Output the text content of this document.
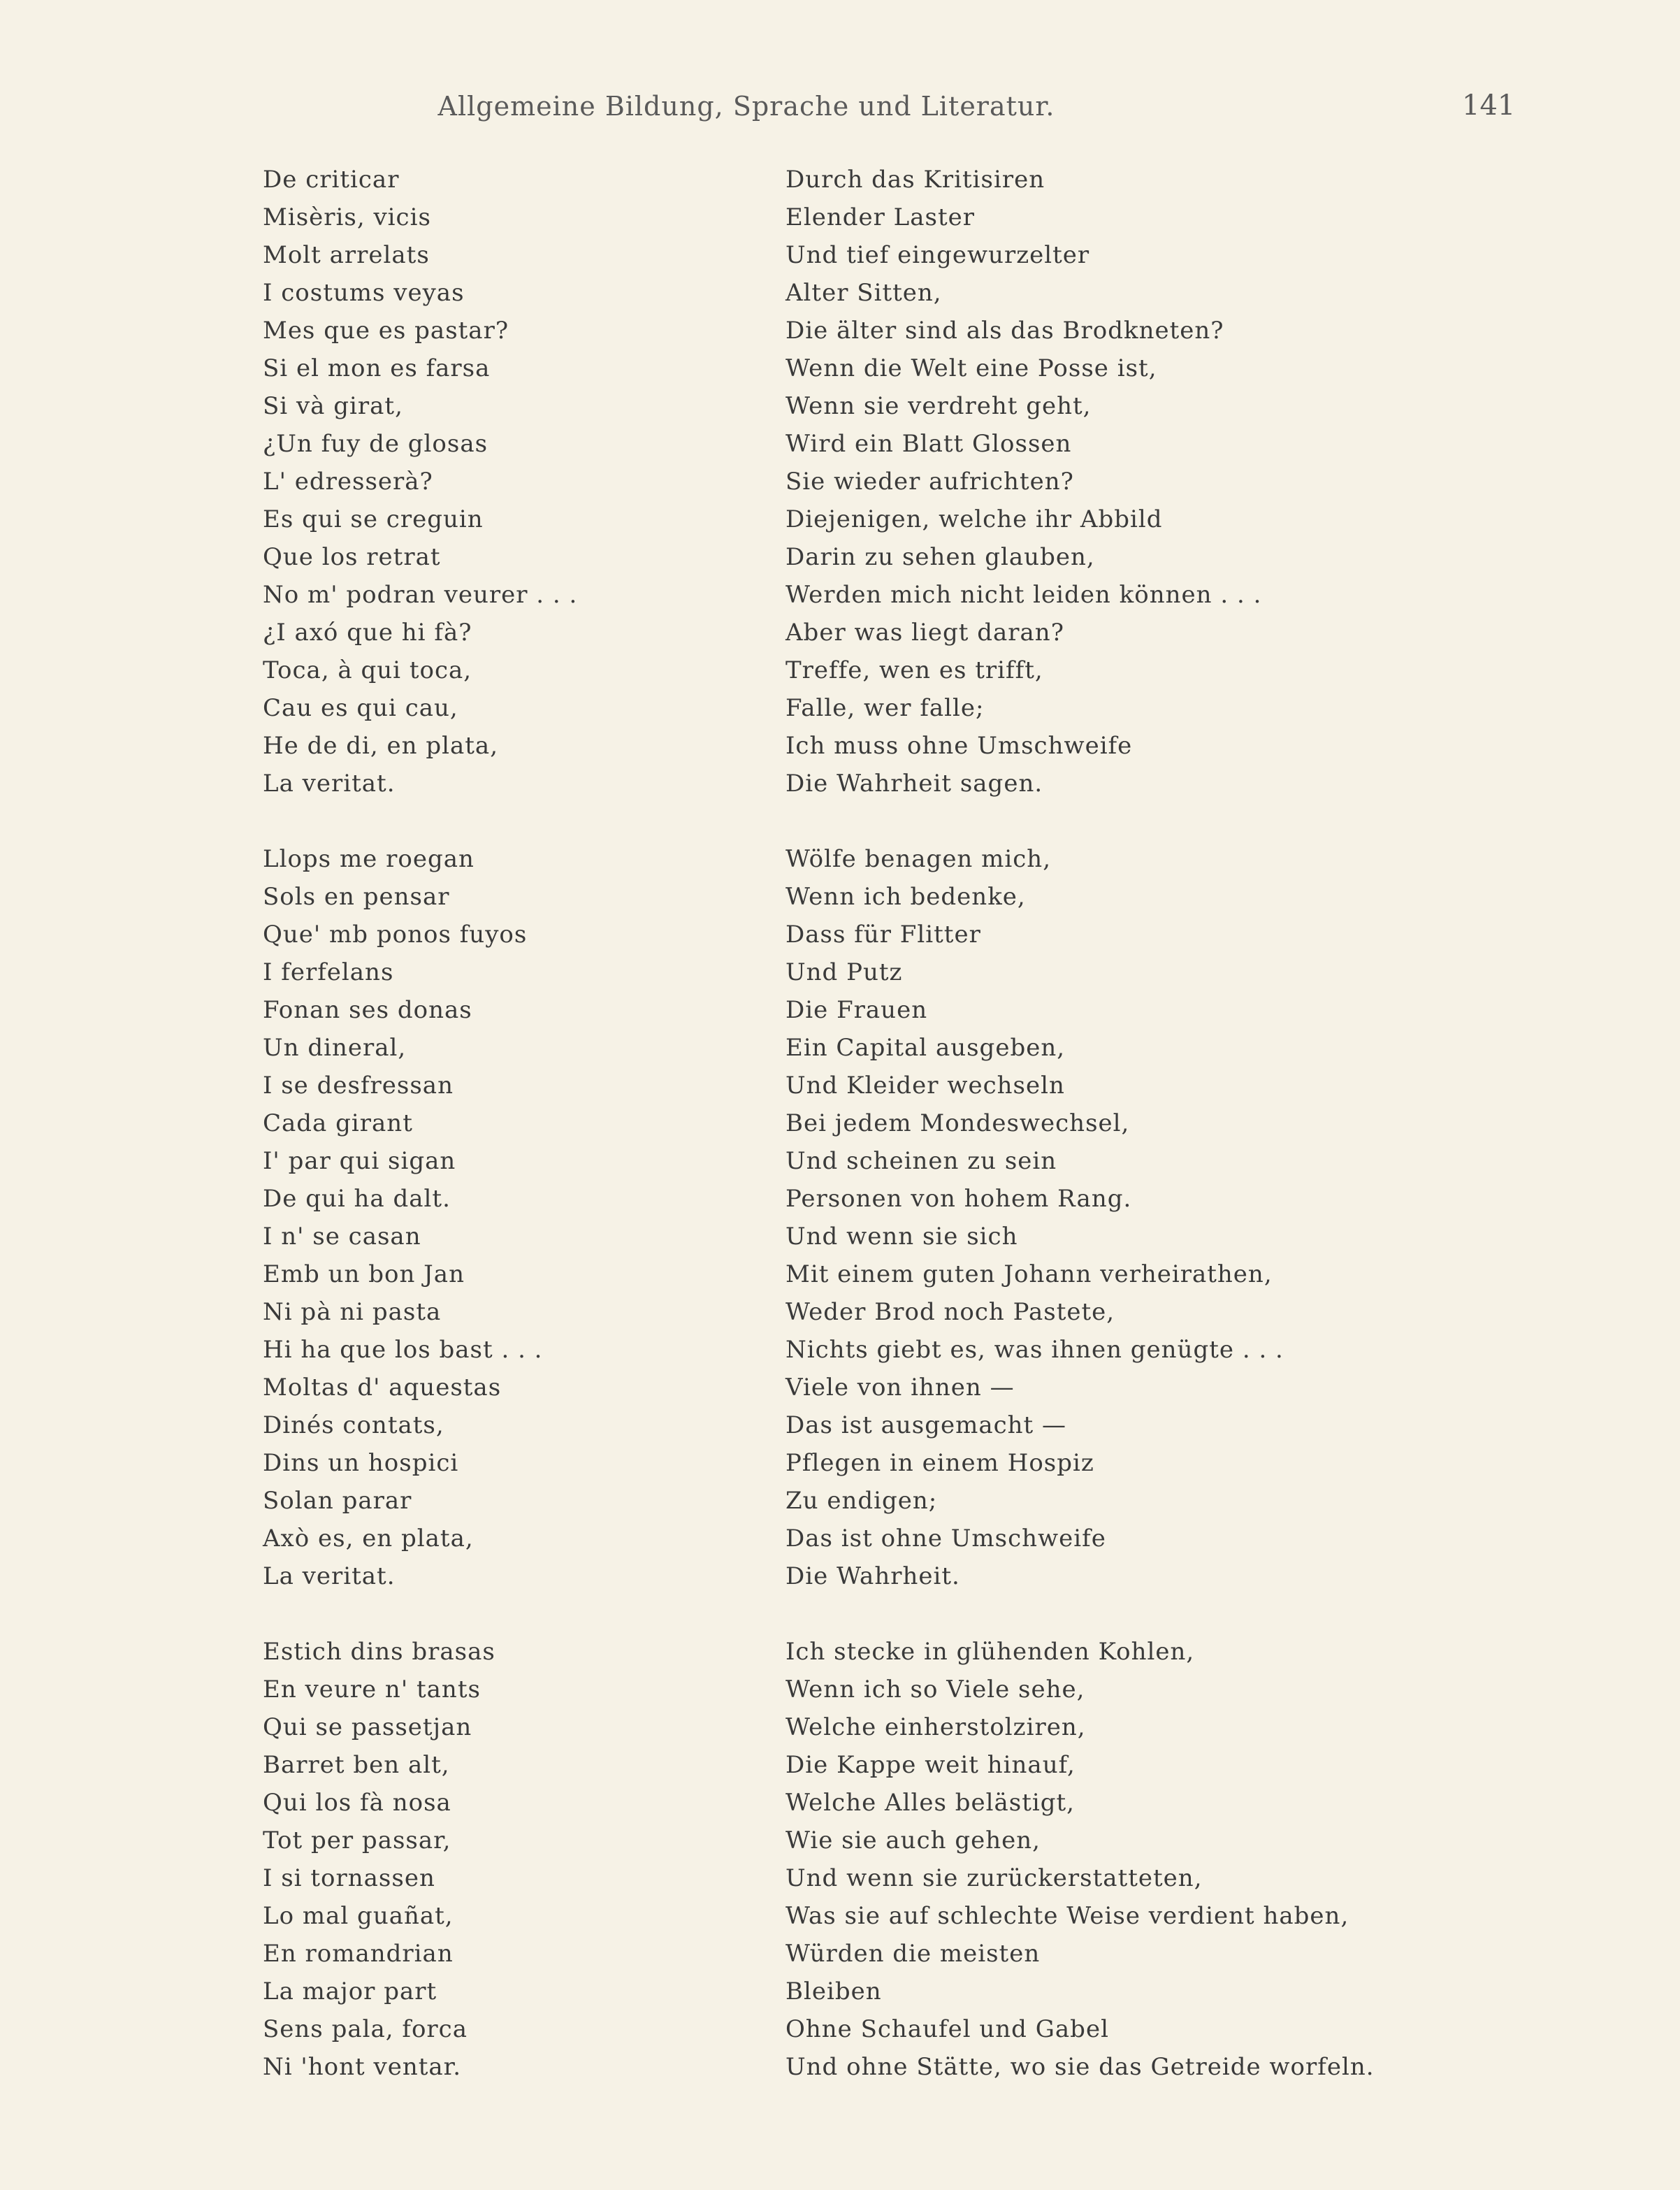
Allgemeine Bildung, Sprache und Literatur.	141
De criticar	Durch das Kritisiren
Misèris, vicis	Elender Laster
Molt arrelats	Und tief eingewurzelter
I costums veyas	Alter Sitten,
Mes que es pastar?	Die älter sind als das Brodkneten?
Si el mon es farsa	Wenn die Welt eine Posse ist,
Si và girat,	Wenn sie verdreht geht,
¿Un fuy de glosas	Wird ein Blatt Glossen
L' edresserà?	Sie wieder aufrichten?
Es qui se creguin	Diejenigen, welche ihr Abbild
Que los retrat	Darin zu sehen glauben,
No m' podran veurer . . .	Werden mich nicht leiden können . . .
¿I axó que hi fà?	Aber was liegt daran?
Toca, à qui toca,	Treffe, wen es trifft,
Cau es qui cau,	Falle, wer falle;
He de di, en plata,	Ich muss ohne Umschweife
La veritat.	Die Wahrheit sagen.
Llops me roegan	Wölfe benagen mich,
Sols en pensar	Wenn ich bedenke,
Que' mb ponos fuyos	Dass für Flitter
I ferfelans	Und Putz
Fonan ses donas	Die Frauen
Un dineral,	Ein Capital ausgeben,
I se desfressan	Und Kleider wechseln
Cada girant	Bei jedem Mondeswechsel,
I' par qui sigan	Und scheinen zu sein
De qui ha dalt.	Personen von hohem Rang.
I n' se casan	Und wenn sie sich
Emb un bon Jan	Mit einem guten Johann verheirathen,
Ni pà ni pasta	Weder Brod noch Pastete,
Hi ha que los bast . . .	Nichts giebt es, was ihnen genügte . . .
Moltas d' aquestas	Viele von ihnen —
Dinés contats,	Das ist ausgemacht —
Dins un hospici	Pflegen in einem Hospiz
Solan parar	Zu endigen;
Axò es, en plata,	Das ist ohne Umschweife
La veritat.	Die Wahrheit.
Estich dins brasas	Ich stecke in glühenden Kohlen,
En veure n' tants	Wenn ich so Viele sehe,
Qui se passetjan	Welche einherstolziren,
Barret ben alt,	Die Kappe weit hinauf,
Qui los fà nosa	Welche Alles belästigt,
Tot per passar,	Wie sie auch gehen,
I si tornassen	Und wenn sie zurückerstatteten,
Lo mal guañat,	Was sie auf schlechte Weise verdient haben,
En romandrian	Würden die meisten
La major part	Bleiben
Sens pala, forca	Ohne Schaufel und Gabel
Ni 'hont ventar.	Und ohne Stätte, wo sie das Getreide worfeln.
